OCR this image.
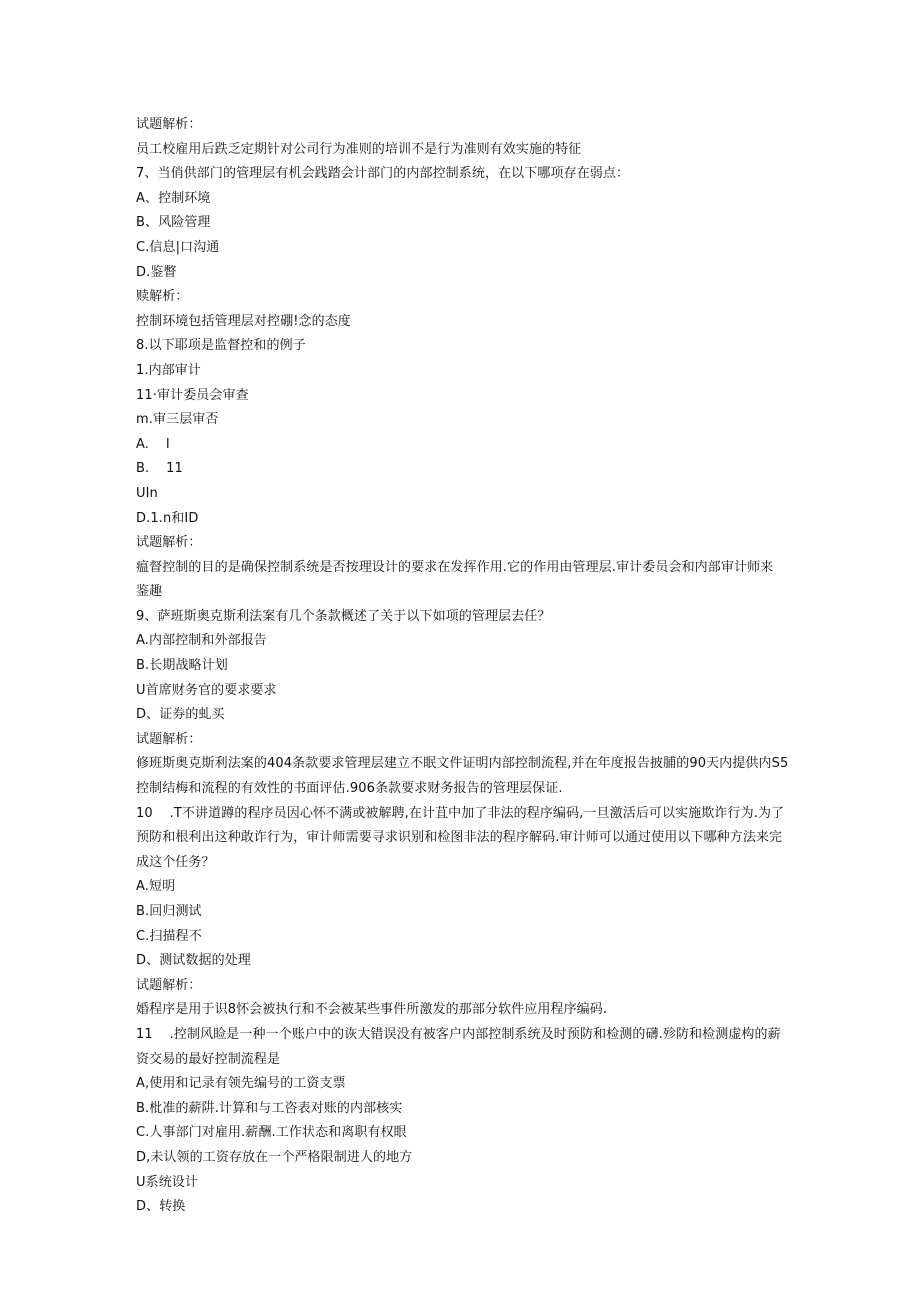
试题解析：
员工校雇用后跌乏定期针对公司行为准则的培训不是行为准则有效实施的特征
7、当俏供部门的管理层有机会践踏会计部门的内部控制系统，在以下哪项存在弱点：
A、控制环境
B、风险管理
C.信息|口沟通
D.鉴瞥
赎解析：
控制环境包括管理层对控硼!念的态度
8.以下耶项是监督控和的例子
1.内部审计
11·审计委员会审查
m.审三层审否
A.    I
B.    11
UIn
D.1.n和ID
试题解析：
瘟督控制的目的是确保控制系统是否按理设计的要求在发挥作用.它的作用由管理层.审计委员会和内部审计师来
鉴趣
9、萨班斯奥克斯利法案有几个条款概述了关于以下如项的管理层去任？
A.内部控制和外部报告
B.长期战略计划
U首席财务官的要求要求
D、证券的虬买
试题解析：
修班斯奥克斯利法案的404条款要求管理层建立不眠文件证明内部控制流程,并在年度报告披脯的90天内提供内S5
控制结梅和流程的有效性的书面评估.906条款要求财务报告的管理层保证.
10    .T不讲道蹲的程序员因心怀不满或被解聘,在计苴中加了非法的程序编码,一旦激活后可以实施欺诈行为.为了
预防和根利出这种敢诈行为，审计师需要寻求识别和检图非法的程序解码.审计师可以通过使用以下哪种方法来完
成这个任务？
A.短明
B.回归测试
C.扫描程不
D、测试数据的处理
试题解析：
婚程序是用于识8怀会被执行和不会被某些事件所激发的那部分软件应用程序编码.
11    .控制风睑是一种一个账户中的诙大错误没有被客户内部控制系统及时预防和检测的礴.殄防和检测虚构的薪
资交易的最好控制流程是
A,使用和记录有领先编号的工资支票
B.枇准的薪阱.计算和与工咨表对账的内部核实
C.人事部门对雇用.薪酬.工作状态和离职有权眼
D,未认领的工资存放在一个严格限制进人的地方
U系统设计
D、转换
